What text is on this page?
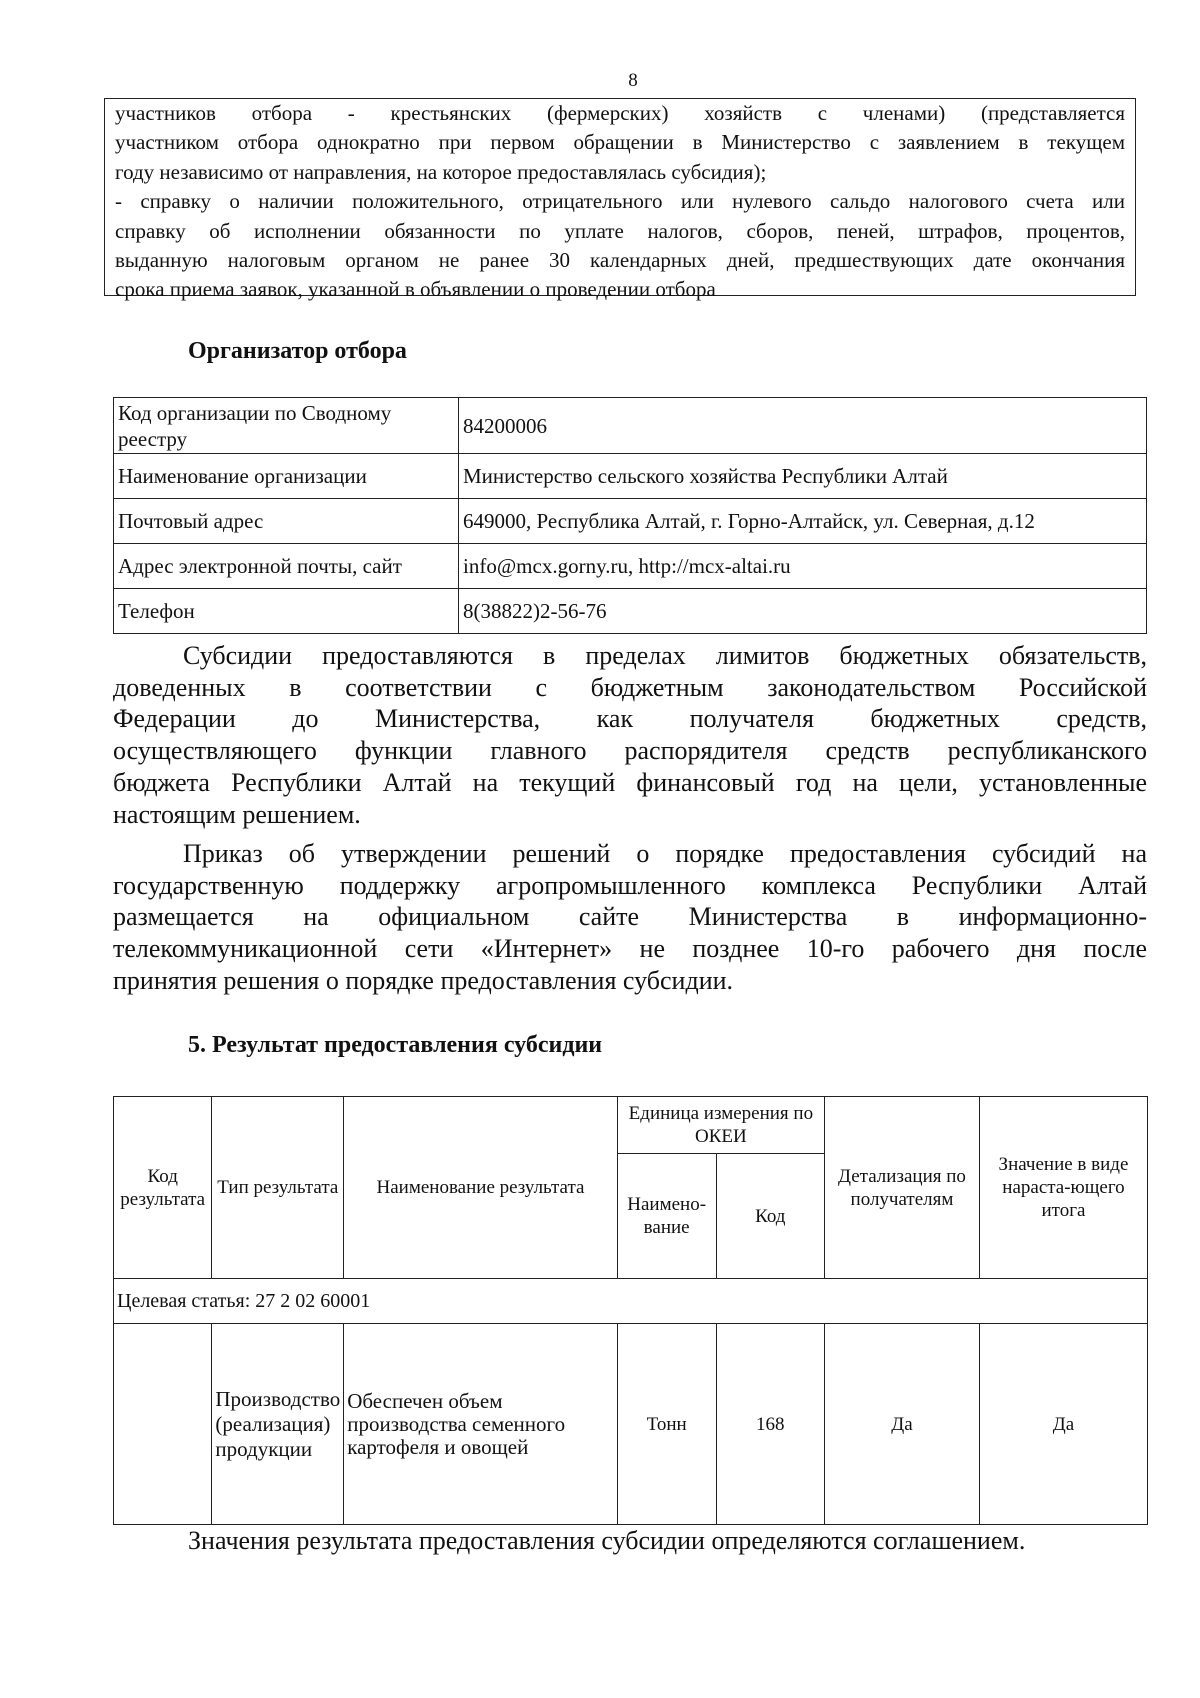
8

участников отбора - крестьянских (фермерских) хозяйств с членами) (представляется

участником отбора однократно при первом обращении в Министерство с заявлением в текущем

году независимо от направления, на которое предоставлялась субсидия);

- справку о наличии положительного, отрицательного или нулевого сальдо налогового счета или

справку об исполнении обязанности по уплате налогов, сборов, пеней, штрафов, процентов,

выданную налоговым органом не ранее 30 календарных дней, предшествующих дате окончания

срока приема заявок, указанной в объявлении о проведении отбора

Организатор отбора
Код организации по Сводному реестру	84200006
Наименование организации	Министерство сельского хозяйства Республики Алтай
Почтовый адрес	649000, Республика Алтай, г. Горно-Алтайск, ул. Северная, д.12
Адрес электронной почты, сайт	info@mcx.gorny.ru, http://mcx-altai.ru
Телефон	8(38822)2-56-76
Субсидии предоставляются в пределах лимитов бюджетных обязательств,
доведенных в соответствии с бюджетным законодательством Российской
Федерации до Министерства, как получателя бюджетных средств,
осуществляющего функции главного распорядителя средств республиканского
бюджета Республики Алтай на текущий финансовый год на цели, установленные
настоящим решением.
Приказ об утверждении решений о порядке предоставления субсидий на
государственную поддержку агропромышленного комплекса Республики Алтай
размещается на официальном сайте Министерства в информационно-
телекоммуникационной сети «Интернет» не позднее 10-го рабочего дня после
принятия решения о порядке предоставления субсидии.
5. Результат предоставления субсидии
Код результата	Тип результата	Наименование результата	Единица измерения по ОКЕИ		Детализация по получателям	Значение в виде нараста-ющего итога
			Наимено-вание	Код		
Целевая статья: 27 2 02 60001						
	Производство (реализация) продукции	Обеспечен объем производства семенного картофеля и овощей	Тонн	168	Да	Да

Значения результата предоставления субсидии определяются соглашением.
